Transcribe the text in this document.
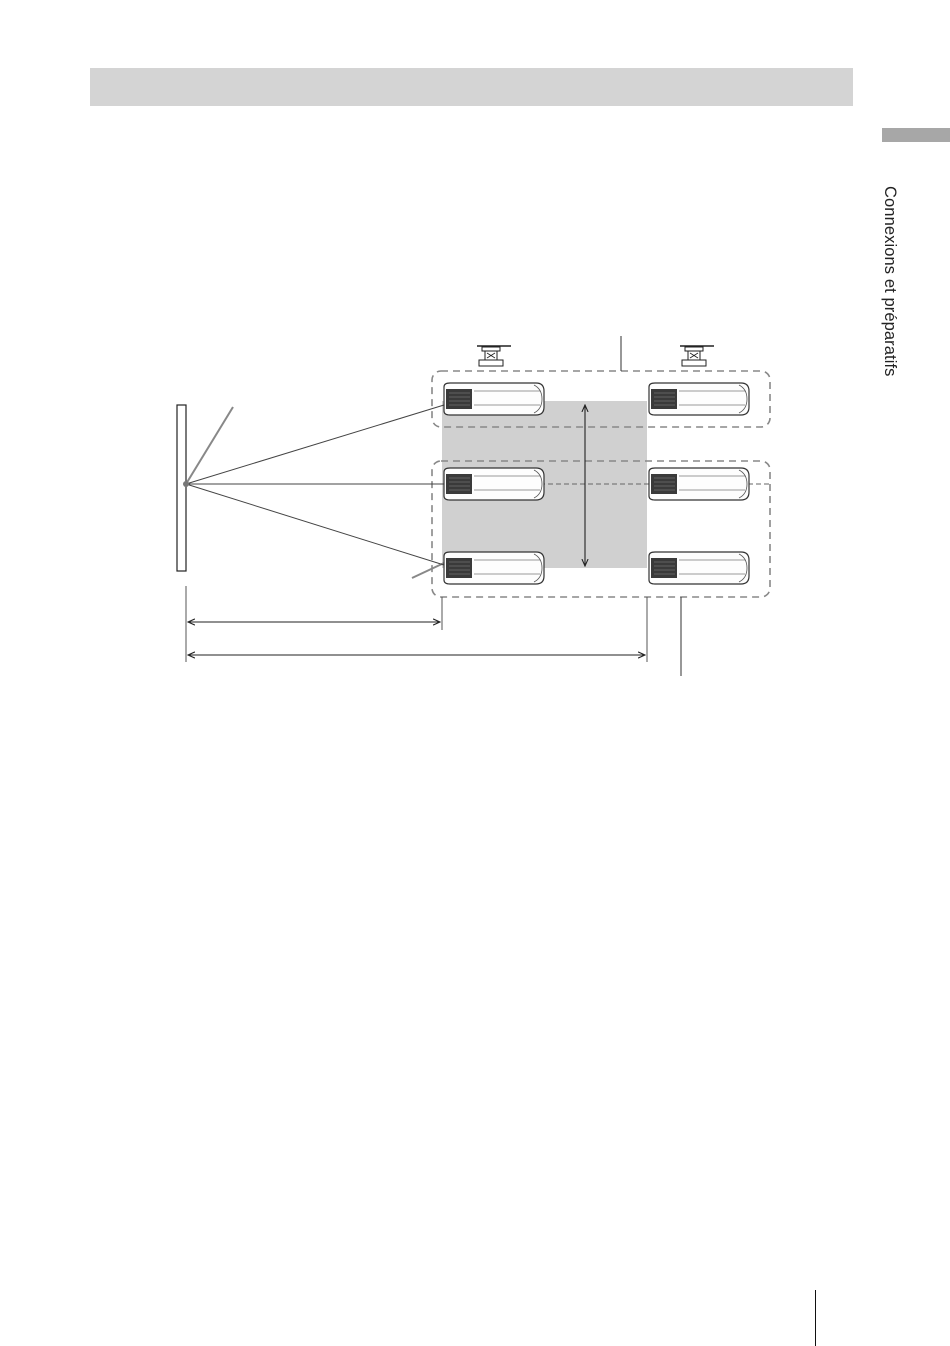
Connexions et préparatifs
